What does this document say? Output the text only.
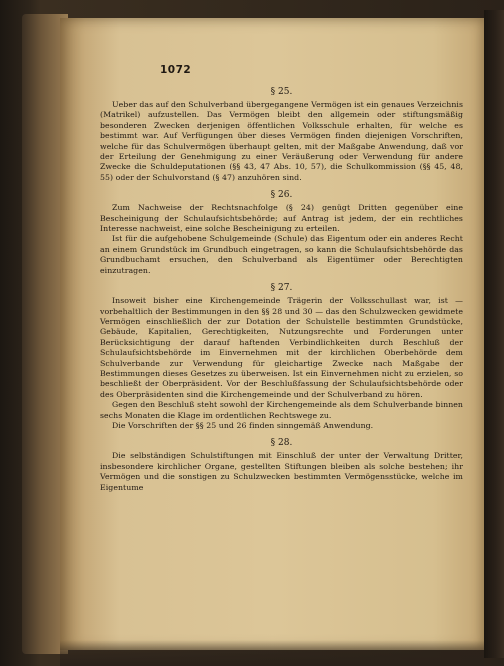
1072
§ 25.

Ueber das auf den Schulverband übergegangene Vermögen ist ein genaues Verzeichnis (Matrikel) aufzustellen. Das Vermögen bleibt den allgemein oder stiftungsmäßig besonderen Zwecken derjenigen öffentlichen Volksschule erhalten, für welche es bestimmt war. Auf Verfügungen über dieses Vermögen finden diejenigen Vorschriften, welche für das Schulvermögen überhaupt gelten, mit der Maßgabe Anwendung, daß vor der Erteilung der Genehmigung zu einer Veräußerung oder Verwendung für andere Zwecke die Schuldeputationen (§§ 43, 47 Abs. 10, 57), die Schulkommission (§§ 45, 48, 55) oder der Schulvorstand (§ 47) anzuhören sind.

§ 26.

Zum Nachweise der Rechtsnachfolge (§ 24) genügt Dritten gegenüber eine Bescheinigung der Schulaufsichtsbehörde; auf Antrag ist jedem, der ein rechtliches Interesse nachweist, eine solche Bescheinigung zu erteilen.

Ist für die aufgehobene Schulgemeinde (Schule) das Eigentum oder ein anderes Recht an einem Grundstück im Grundbuch eingetragen, so kann die Schulaufsichtsbehörde das Grundbuchamt ersuchen, den Schulverband als Eigentümer oder Berechtigten einzutragen.

§ 27.

Insoweit bisher eine Kirchengemeinde Trägerin der Volksschullast war, ist — vorbehaltlich der Bestimmungen in den §§ 28 und 30 — das den Schulzwecken gewidmete Vermögen einschließlich der zur Dotation der Schulstelle bestimmten Grundstücke, Gebäude, Kapitalien, Gerechtigkeiten, Nutzungsrechte und Forderungen unter Berücksichtigung der darauf haftenden Verbindlichkeiten durch Beschluß der Schulaufsichtsbehörde im Einvernehmen mit der kirchlichen Oberbehörde dem Schulverbande zur Verwendung für gleichartige Zwecke nach Maßgabe der Bestimmungen dieses Gesetzes zu überweisen. Ist ein Einvernehmen nicht zu erzielen, so beschließt der Oberpräsident. Vor der Beschlußfassung der Schulaufsichtsbehörde oder des Oberpräsidenten sind die Kirchengemeinde und der Schulverband zu hören.

Gegen den Beschluß steht sowohl der Kirchengemeinde als dem Schulverbande binnen sechs Monaten die Klage im ordentlichen Rechtswege zu.

Die Vorschriften der §§ 25 und 26 finden sinngemäß Anwendung.

§ 28.

Die selbständigen Schulstiftungen mit Einschluß der unter der Verwaltung Dritter, insbesondere kirchlicher Organe, gestellten Stiftungen bleiben als solche bestehen; ihr Vermögen und die sonstigen zu Schulzwecken bestimmten Vermögensstücke, welche im Eigentume
